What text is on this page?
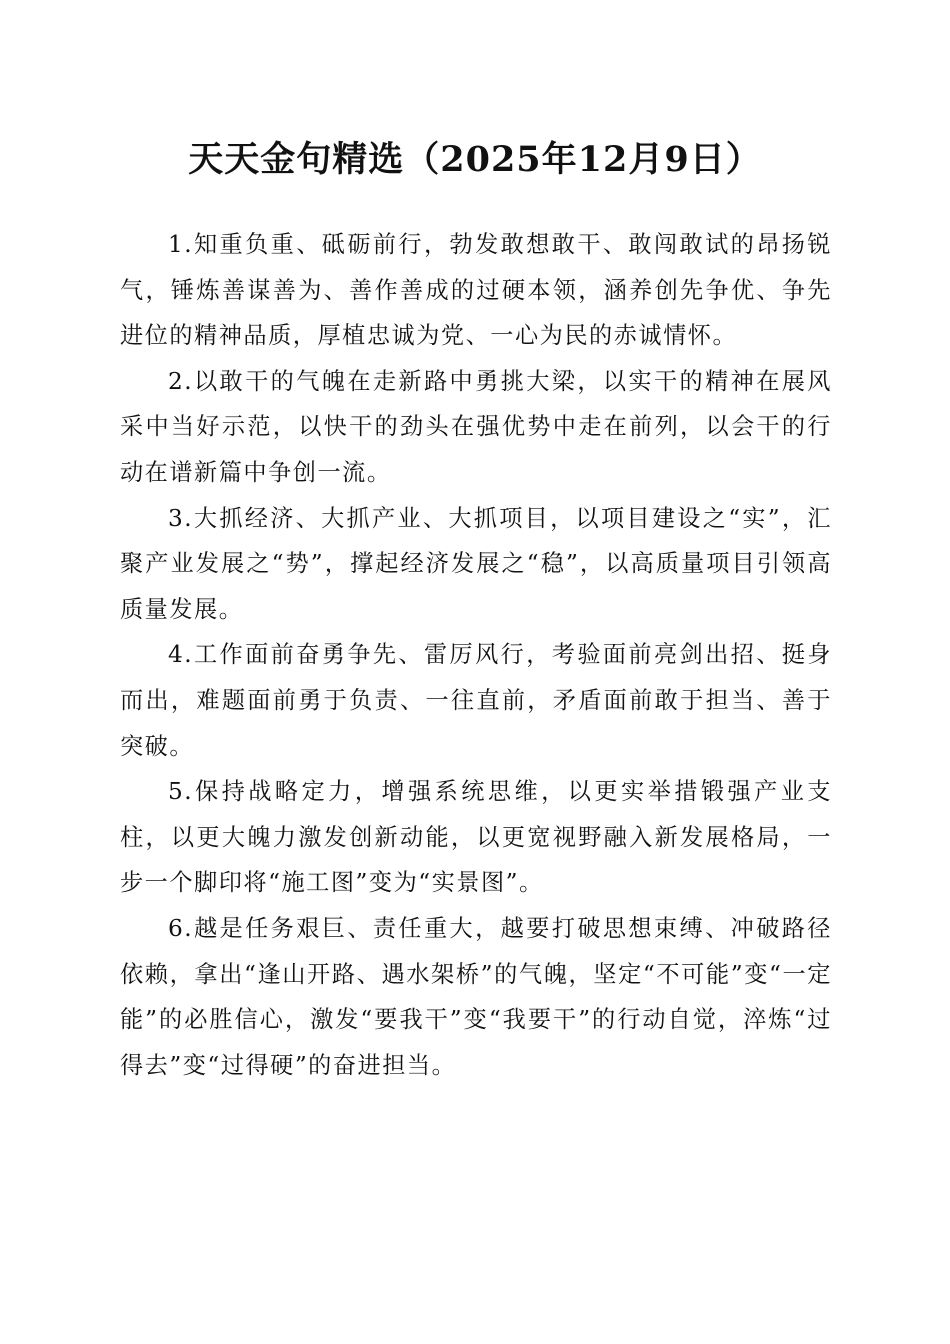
天天金句精选（2025年12月9日）

1.知重负重、砥砺前行，勃发敢想敢干、敢闯敢试的昂扬锐气，锤炼善谋善为、善作善成的过硬本领，涵养创先争优、争先进位的精神品质，厚植忠诚为党、一心为民的赤诚情怀。

2.以敢干的气魄在走新路中勇挑大梁，以实干的精神在展风采中当好示范，以快干的劲头在强优势中走在前列，以会干的行动在谱新篇中争创一流。

3.大抓经济、大抓产业、大抓项目，以项目建设之“实”，汇聚产业发展之“势”，撑起经济发展之“稳”，以高质量项目引领高质量发展。

4.工作面前奋勇争先、雷厉风行，考验面前亮剑出招、挺身而出，难题面前勇于负责、一往直前，矛盾面前敢于担当、善于突破。

5.保持战略定力，增强系统思维，以更实举措锻强产业支柱，以更大魄力激发创新动能，以更宽视野融入新发展格局，一步一个脚印将“施工图”变为“实景图”。

6.越是任务艰巨、责任重大，越要打破思想束缚、冲破路径依赖，拿出“逢山开路、遇水架桥”的气魄，坚定“不可能”变“一定能”的必胜信心，激发“要我干”变“我要干”的行动自觉，淬炼“过得去”变“过得硬”的奋进担当。
